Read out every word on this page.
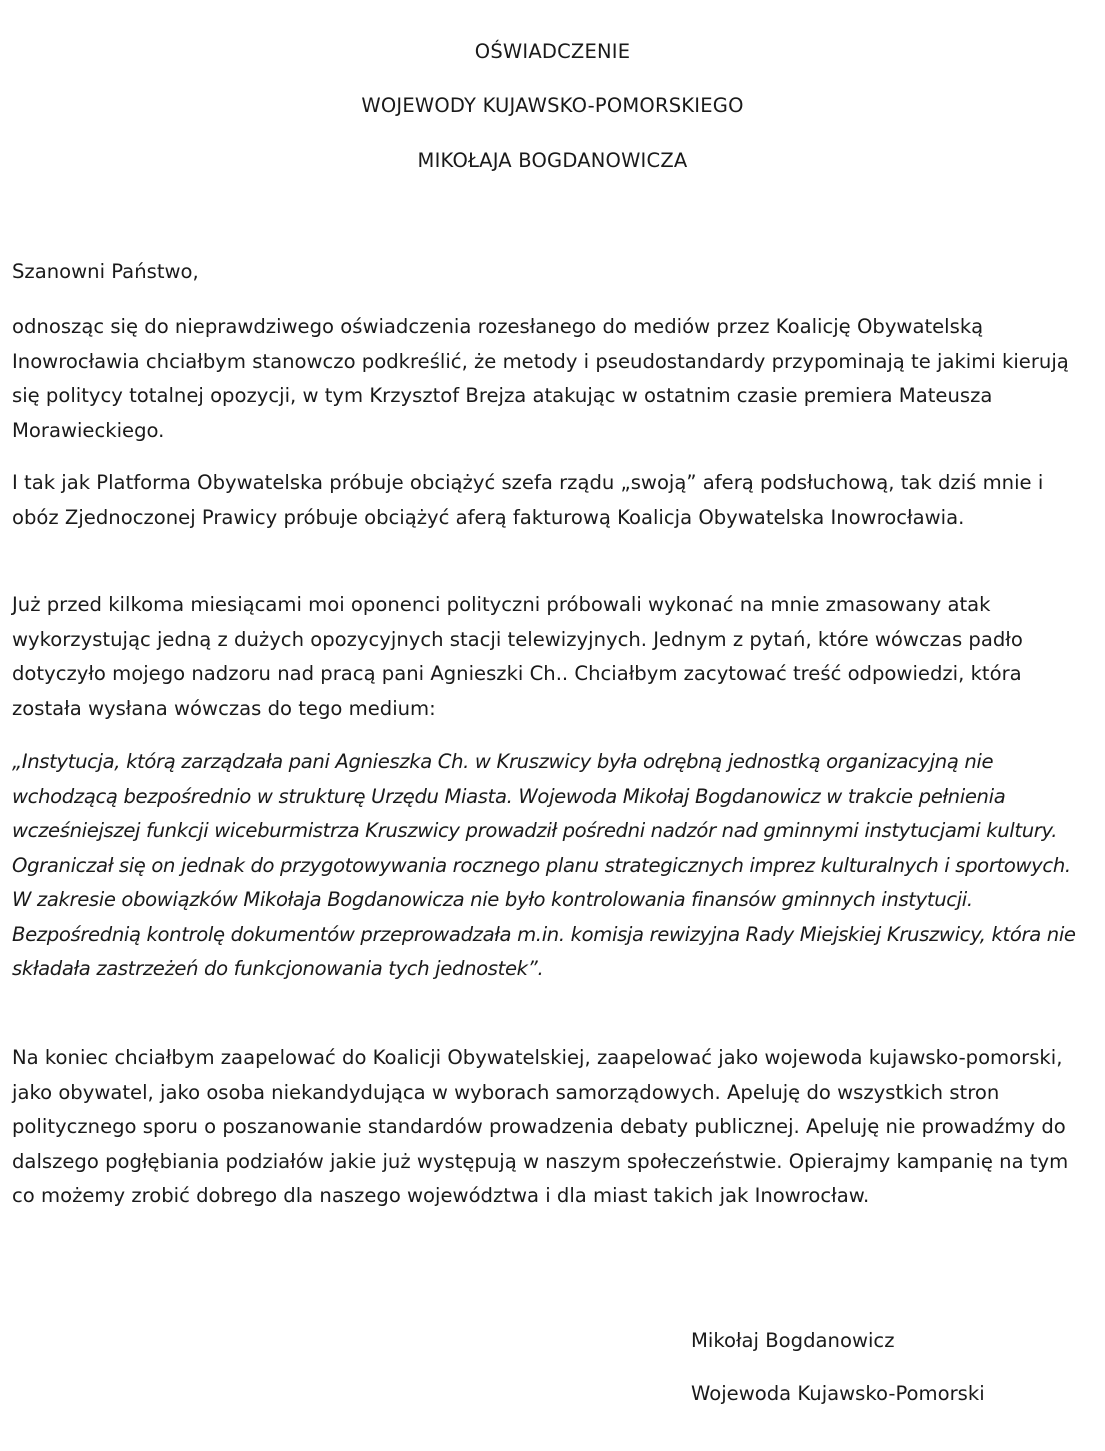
OŚWIADCZENIE
WOJEWODY KUJAWSKO-POMORSKIEGO
MIKOŁAJA BOGDANOWICZA

Szanowni Państwo,

odnosząc się do nieprawdziwego oświadczenia rozesłanego do mediów przez Koalicję Obywatelską Inowrocławia chciałbym stanowczo podkreślić, że metody i pseudostandardy przypominają te jakimi kierują się politycy totalnej opozycji, w tym Krzysztof Brejza atakując w ostatnim czasie premiera Mateusza Morawieckiego.

I tak jak Platforma Obywatelska próbuje obciążyć szefa rządu „swoją” aferą podsłuchową, tak dziś mnie i obóz Zjednoczonej Prawicy próbuje obciążyć aferą fakturową Koalicja Obywatelska Inowrocławia.

Już przed kilkoma miesiącami moi oponenci polityczni próbowali wykonać na mnie zmasowany atak wykorzystując jedną z dużych opozycyjnych stacji telewizyjnych. Jednym z pytań, które wówczas padło dotyczyło mojego nadzoru nad pracą pani Agnieszki Ch.. Chciałbym zacytować treść odpowiedzi, która została wysłana wówczas do tego medium:

„Instytucja, którą zarządzała pani Agnieszka Ch. w Kruszwicy była odrębną jednostką organizacyjną nie wchodzącą bezpośrednio w strukturę Urzędu Miasta. Wojewoda Mikołaj Bogdanowicz w trakcie pełnienia wcześniejszej funkcji wiceburmistrza Kruszwicy prowadził pośredni nadzór nad gminnymi instytucjami kultury. Ograniczał się on jednak do przygotowywania rocznego planu strategicznych imprez kulturalnych i sportowych. W zakresie obowiązków Mikołaja Bogdanowicza nie było kontrolowania finansów gminnych instytucji. Bezpośrednią kontrolę dokumentów przeprowadzała m.in. komisja rewizyjna Rady Miejskiej Kruszwicy, która nie składała zastrzeżeń do funkcjonowania tych jednostek”.

Na koniec chciałbym zaapelować do Koalicji Obywatelskiej, zaapelować jako wojewoda kujawsko-pomorski, jako obywatel, jako osoba niekandydująca w wyborach samorządowych. Apeluję do wszystkich stron politycznego sporu o poszanowanie standardów prowadzenia debaty publicznej. Apeluję nie prowadźmy do dalszego pogłębiania podziałów jakie już występują w naszym społeczeństwie. Opierajmy kampanię na tym co możemy zrobić dobrego dla naszego województwa i dla miast takich jak Inowrocław.

Mikołaj Bogdanowicz
Wojewoda Kujawsko-Pomorski
